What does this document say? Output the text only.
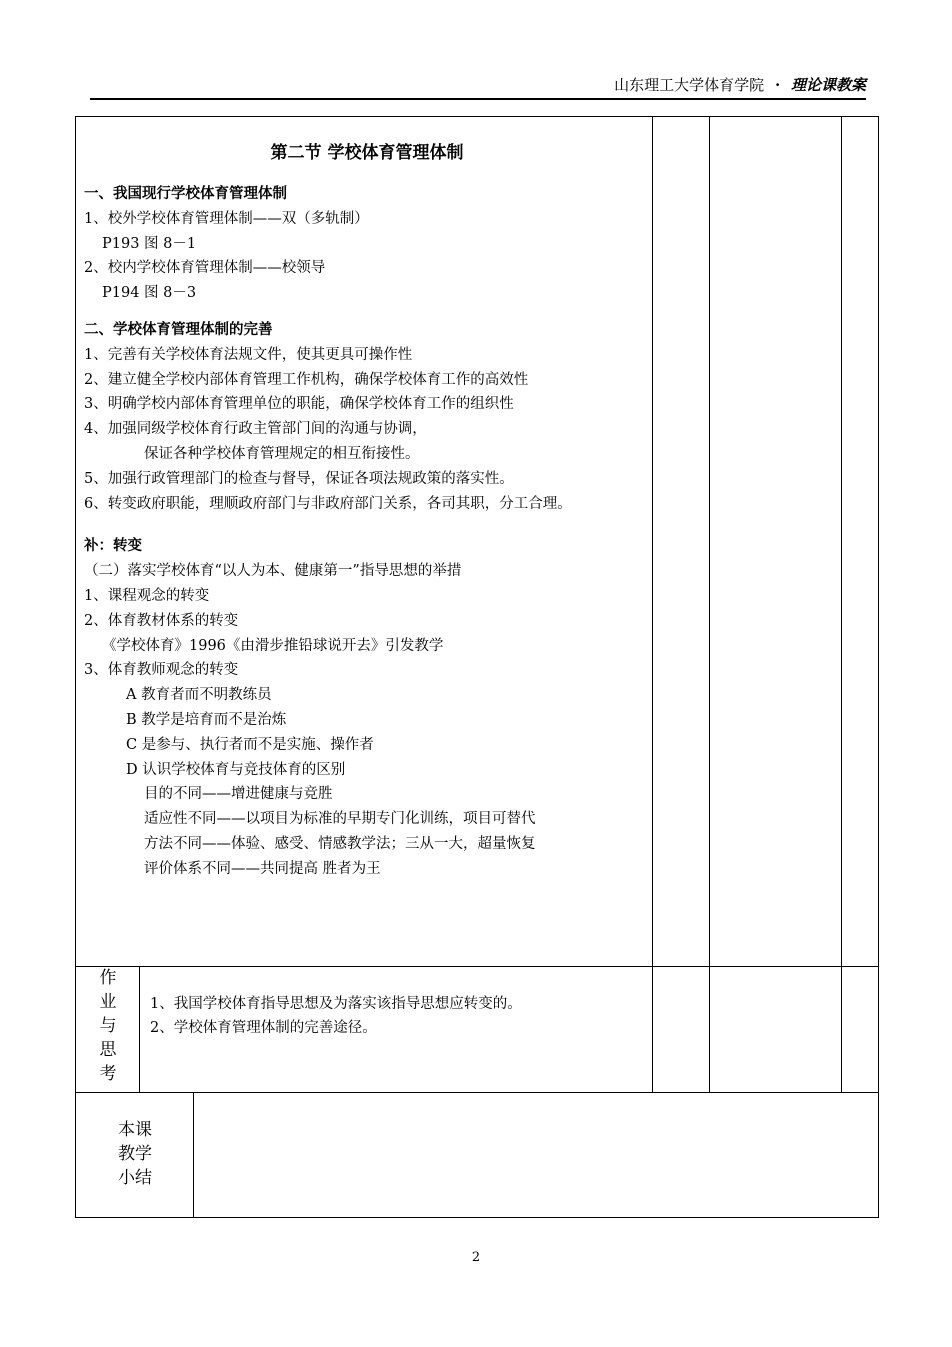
山东理工大学体育学院 · 理论课教案

第二节 学校体育管理体制

一、我国现行学校体育管理体制

1、校外学校体育管理体制——双（多轨制）

P193 图 8－1

2、校内学校体育管理体制——校领导

P194 图 8－3

二、学校体育管理体制的完善

1、完善有关学校体育法规文件，使其更具可操作性

2、建立健全学校内部体育管理工作机构，确保学校体育工作的高效性

3、明确学校内部体育管理单位的职能，确保学校体育工作的组织性

4、加强同级学校体育行政主管部门间的沟通与协调，

保证各种学校体育管理规定的相互衔接性。

5、加强行政管理部门的检查与督导，保证各项法规政策的落实性。

6、转变政府职能，理顺政府部门与非政府部门关系，各司其职，分工合理。

补：转变

（二）落实学校体育“以人为本、健康第一”指导思想的举措

1、课程观念的转变

2、体育教材体系的转变

《学校体育》1996《由滑步推铅球说开去》引发教学

3、体育教师观念的转变

A 教育者而不明教练员

B 教学是培育而不是治炼

C 是参与、执行者而不是实施、操作者

D 认识学校体育与竞技体育的区别

目的不同——增进健康与竞胜

适应性不同——以项目为标准的早期专门化训练，项目可替代

方法不同——体验、感受、情感教学法；三从一大，超量恢复

评价体系不同——共同提高 胜者为王

作
业
与
思
考

1、我国学校体育指导思想及为落实该指导思想应转变的。

2、学校体育管理体制的完善途径。

本课
教学
小结
2
